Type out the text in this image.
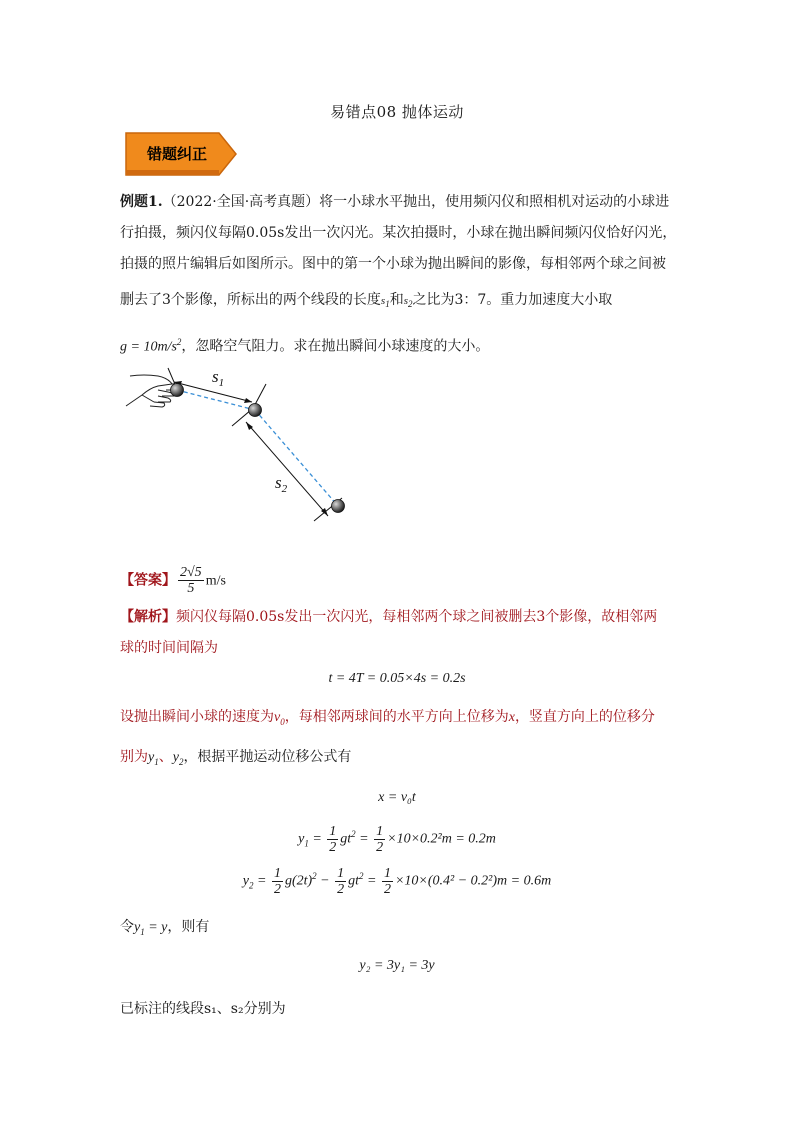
易错点08 抛体运动
错题纠正
例题1.（2022·全国·高考真题）将一小球水平抛出，使用频闪仪和照相机对运动的小球进
行拍摄，频闪仪每隔0.05s发出一次闪光。某次拍摄时，小球在抛出瞬间频闪仪恰好闪光，
拍摄的照片编辑后如图所示。图中的第一个小球为抛出瞬间的影像，每相邻两个球之间被
删去了3个影像，所标出的两个线段的长度$s_1$和$s_2$之比为3：7。重力加速度大小取
$g = 10m/s^2$，忽略空气阻力。求在抛出瞬间小球速度的大小。
$s_1$
$s_2$
【答案】 $\frac{2√5}{5} m/s$
【解析】频闪仪每隔0.05s发出一次闪光，每相邻两个球之间被删去3个影像，故相邻两
球的时间间隔为
t = 4T = 0.05×4s = 0.2s
设抛出瞬间小球的速度为$v_0$，每相邻两球间的水平方向上位移为x，竖直方向上的位移分
别为$y_1$、$y_2$，根据平抛运动位移公式有
x = v₀t
$y_1 = \frac{1}{2} gt^2 = \frac{1}{2} \times 10\times 0.2^2m = 0.2m$
$y_2 = \frac{1}{2} g(2t)^2 - \frac{1}{2} gt^2 = \frac{1}{2} \times 10\times(0.4^2 - 0.2^2)m = 0.6m$
令$y_1 = y$，则有
y₂ = 3y₁ = 3y
已标注的线段s₁、s₂分别为
